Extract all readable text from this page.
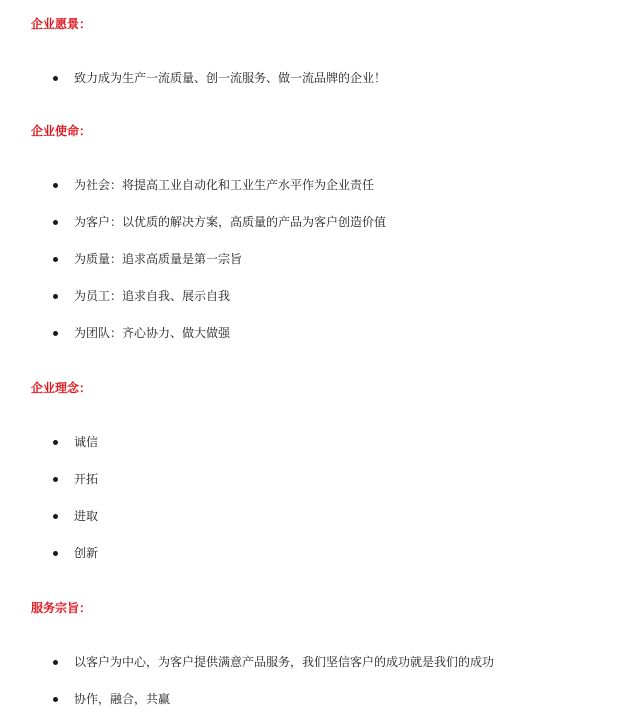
企业愿景：
致力成为生产一流质量、创一流服务、做一流品牌的企业！
企业使命：
为社会：将提高工业自动化和工业生产水平作为企业责任
为客户：以优质的解决方案，高质量的产品为客户创造价值
为质量：追求高质量是第一宗旨
为员工：追求自我、展示自我
为团队：齐心协力、做大做强
企业理念：
诚信
开拓
进取
创新
服务宗旨：
以客户为中心，为客户提供满意产品服务，我们坚信客户的成功就是我们的成功
协作，融合，共赢
